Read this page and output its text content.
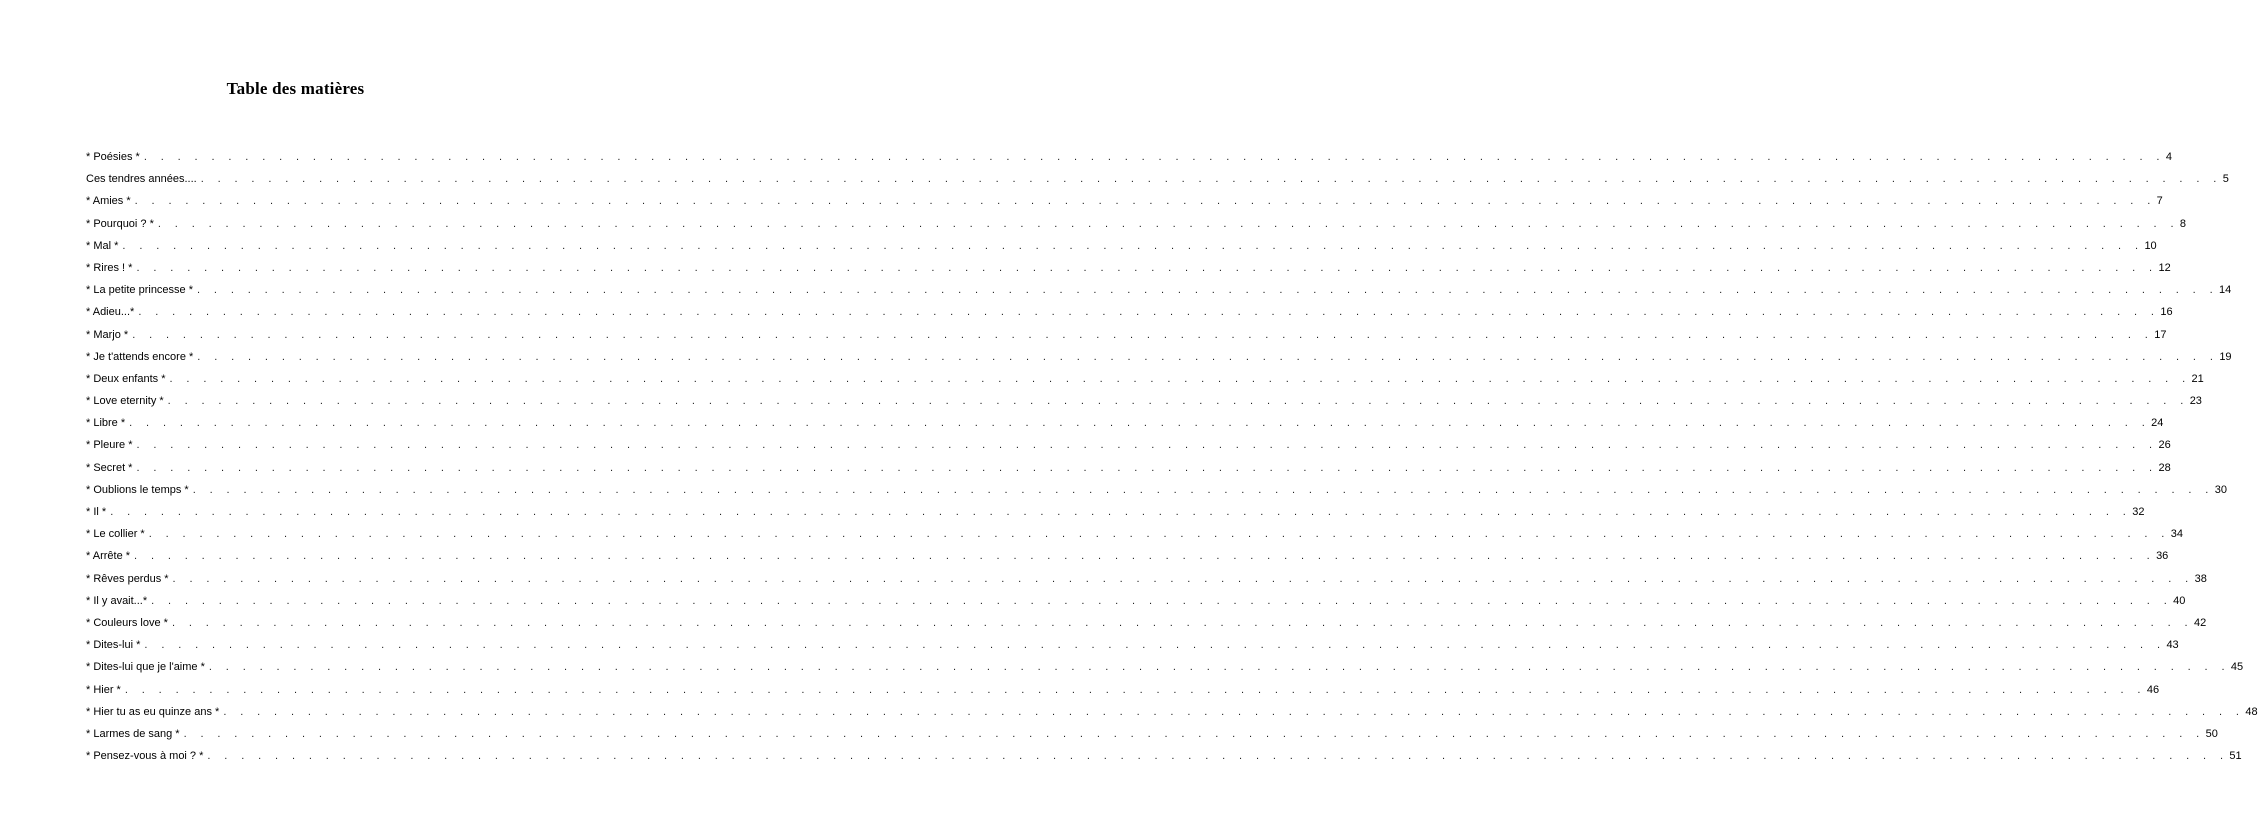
Table des matières
* Poésies * . . . . . . . . . . . . . . . . . . . . . . . . . . . . . . . . . . . . . . . . . . . . . . . . . . . . . . . . . . . . . . . . . . . . . . . . . . . . . . . . . . . . . . . . . . . . . . . . . . . . . . . . . . . . . . . . . . . . . . . . 4
Ces tendres années.... . . . . . . . . . . . . . . . . . . . . . . . . . . . . . . . . . . . . . . . . . . . . . . . . . . . . . . . . . . . . . . . . . . . . . . . . . . . . . . . . . . . . . . . . . . . . . . . . . . . . . . . . . . . . . . . . . . . . . . . . 5
* Amies * . . . . . . . . . . . . . . . . . . . . . . . . . . . . . . . . . . . . . . . . . . . . . . . . . . . . . . . . . . . . . . . . . . . . . . . . . . . . . . . . . . . . . . . . . . . . . . . . . . . . . . . . . . . . . . . . . . . . . . . . 7
* Pourquoi ? * . . . . . . . . . . . . . . . . . . . . . . . . . . . . . . . . . . . . . . . . . . . . . . . . . . . . . . . . . . . . . . . . . . . . . . . . . . . . . . . . . . . . . . . . . . . . . . . . . . . . . . . . . . . . . . . . . . . . . . . . 8
* Mal * . . . . . . . . . . . . . . . . . . . . . . . . . . . . . . . . . . . . . . . . . . . . . . . . . . . . . . . . . . . . . . . . . . . . . . . . . . . . . . . . . . . . . . . . . . . . . . . . . . . . . . . . . . . . . . . . . . . . . . . . 10
* Rires ! * . . . . . . . . . . . . . . . . . . . . . . . . . . . . . . . . . . . . . . . . . . . . . . . . . . . . . . . . . . . . . . . . . . . . . . . . . . . . . . . . . . . . . . . . . . . . . . . . . . . . . . . . . . . . . . . . . . . . . . . . 12
* La petite princesse * . . . . . . . . . . . . . . . . . . . . . . . . . . . . . . . . . . . . . . . . . . . . . . . . . . . . . . . . . . . . . . . . . . . . . . . . . . . . . . . . . . . . . . . . . . . . . . . . . . . . . . . . . . . . . . . . . . . . . . . . 14
* Adieu...* . . . . . . . . . . . . . . . . . . . . . . . . . . . . . . . . . . . . . . . . . . . . . . . . . . . . . . . . . . . . . . . . . . . . . . . . . . . . . . . . . . . . . . . . . . . . . . . . . . . . . . . . . . . . . . . . . . . . . . . . 16
* Marjo * . . . . . . . . . . . . . . . . . . . . . . . . . . . . . . . . . . . . . . . . . . . . . . . . . . . . . . . . . . . . . . . . . . . . . . . . . . . . . . . . . . . . . . . . . . . . . . . . . . . . . . . . . . . . . . . . . . . . . . . . 17
* Je t'attends encore * . . . . . . . . . . . . . . . . . . . . . . . . . . . . . . . . . . . . . . . . . . . . . . . . . . . . . . . . . . . . . . . . . . . . . . . . . . . . . . . . . . . . . . . . . . . . . . . . . . . . . . . . . . . . . . . . . . . . . . . . 19
* Deux enfants * . . . . . . . . . . . . . . . . . . . . . . . . . . . . . . . . . . . . . . . . . . . . . . . . . . . . . . . . . . . . . . . . . . . . . . . . . . . . . . . . . . . . . . . . . . . . . . . . . . . . . . . . . . . . . . . . . . . . . . . . 21
* Love eternity * . . . . . . . . . . . . . . . . . . . . . . . . . . . . . . . . . . . . . . . . . . . . . . . . . . . . . . . . . . . . . . . . . . . . . . . . . . . . . . . . . . . . . . . . . . . . . . . . . . . . . . . . . . . . . . . . . . . . . . . . 23
* Libre * . . . . . . . . . . . . . . . . . . . . . . . . . . . . . . . . . . . . . . . . . . . . . . . . . . . . . . . . . . . . . . . . . . . . . . . . . . . . . . . . . . . . . . . . . . . . . . . . . . . . . . . . . . . . . . . . . . . . . . . . 24
* Pleure * . . . . . . . . . . . . . . . . . . . . . . . . . . . . . . . . . . . . . . . . . . . . . . . . . . . . . . . . . . . . . . . . . . . . . . . . . . . . . . . . . . . . . . . . . . . . . . . . . . . . . . . . . . . . . . . . . . . . . . . . 26
* Secret * . . . . . . . . . . . . . . . . . . . . . . . . . . . . . . . . . . . . . . . . . . . . . . . . . . . . . . . . . . . . . . . . . . . . . . . . . . . . . . . . . . . . . . . . . . . . . . . . . . . . . . . . . . . . . . . . . . . . . . . . 28
* Oublions le temps * . . . . . . . . . . . . . . . . . . . . . . . . . . . . . . . . . . . . . . . . . . . . . . . . . . . . . . . . . . . . . . . . . . . . . . . . . . . . . . . . . . . . . . . . . . . . . . . . . . . . . . . . . . . . . . . . . . . . . . . . 30
* Il * . . . . . . . . . . . . . . . . . . . . . . . . . . . . . . . . . . . . . . . . . . . . . . . . . . . . . . . . . . . . . . . . . . . . . . . . . . . . . . . . . . . . . . . . . . . . . . . . . . . . . . . . . . . . . . . . . . . . . . . . 32
* Le collier * . . . . . . . . . . . . . . . . . . . . . . . . . . . . . . . . . . . . . . . . . . . . . . . . . . . . . . . . . . . . . . . . . . . . . . . . . . . . . . . . . . . . . . . . . . . . . . . . . . . . . . . . . . . . . . . . . . . . . . . . 34
* Arrête * . . . . . . . . . . . . . . . . . . . . . . . . . . . . . . . . . . . . . . . . . . . . . . . . . . . . . . . . . . . . . . . . . . . . . . . . . . . . . . . . . . . . . . . . . . . . . . . . . . . . . . . . . . . . . . . . . . . . . . . . 36
* Rêves perdus * . . . . . . . . . . . . . . . . . . . . . . . . . . . . . . . . . . . . . . . . . . . . . . . . . . . . . . . . . . . . . . . . . . . . . . . . . . . . . . . . . . . . . . . . . . . . . . . . . . . . . . . . . . . . . . . . . . . . . . . . 38
* Il y avait...* . . . . . . . . . . . . . . . . . . . . . . . . . . . . . . . . . . . . . . . . . . . . . . . . . . . . . . . . . . . . . . . . . . . . . . . . . . . . . . . . . . . . . . . . . . . . . . . . . . . . . . . . . . . . . . . . . . . . . . . . 40
* Couleurs love * . . . . . . . . . . . . . . . . . . . . . . . . . . . . . . . . . . . . . . . . . . . . . . . . . . . . . . . . . . . . . . . . . . . . . . . . . . . . . . . . . . . . . . . . . . . . . . . . . . . . . . . . . . . . . . . . . . . . . . . . 42
* Dites-lui * . . . . . . . . . . . . . . . . . . . . . . . . . . . . . . . . . . . . . . . . . . . . . . . . . . . . . . . . . . . . . . . . . . . . . . . . . . . . . . . . . . . . . . . . . . . . . . . . . . . . . . . . . . . . . . . . . . . . . . . . 43
* Dites-lui que je l'aime * . . . . . . . . . . . . . . . . . . . . . . . . . . . . . . . . . . . . . . . . . . . . . . . . . . . . . . . . . . . . . . . . . . . . . . . . . . . . . . . . . . . . . . . . . . . . . . . . . . . . . . . . . . . . . . . . . . . . . . . . 45
* Hier * . . . . . . . . . . . . . . . . . . . . . . . . . . . . . . . . . . . . . . . . . . . . . . . . . . . . . . . . . . . . . . . . . . . . . . . . . . . . . . . . . . . . . . . . . . . . . . . . . . . . . . . . . . . . . . . . . . . . . . . . 46
* Hier tu as eu quinze ans * . . . . . . . . . . . . . . . . . . . . . . . . . . . . . . . . . . . . . . . . . . . . . . . . . . . . . . . . . . . . . . . . . . . . . . . . . . . . . . . . . . . . . . . . . . . . . . . . . . . . . . . . . . . . . . . . . . . . . . . . 48
* Larmes de sang * . . . . . . . . . . . . . . . . . . . . . . . . . . . . . . . . . . . . . . . . . . . . . . . . . . . . . . . . . . . . . . . . . . . . . . . . . . . . . . . . . . . . . . . . . . . . . . . . . . . . . . . . . . . . . . . . . . . . . . . . 50
* Pensez-vous à moi ? * . . . . . . . . . . . . . . . . . . . . . . . . . . . . . . . . . . . . . . . . . . . . . . . . . . . . . . . . . . . . . . . . . . . . . . . . . . . . . . . . . . . . . . . . . . . . . . . . . . . . . . . . . . . . . . . . . . . . . . . . 51
